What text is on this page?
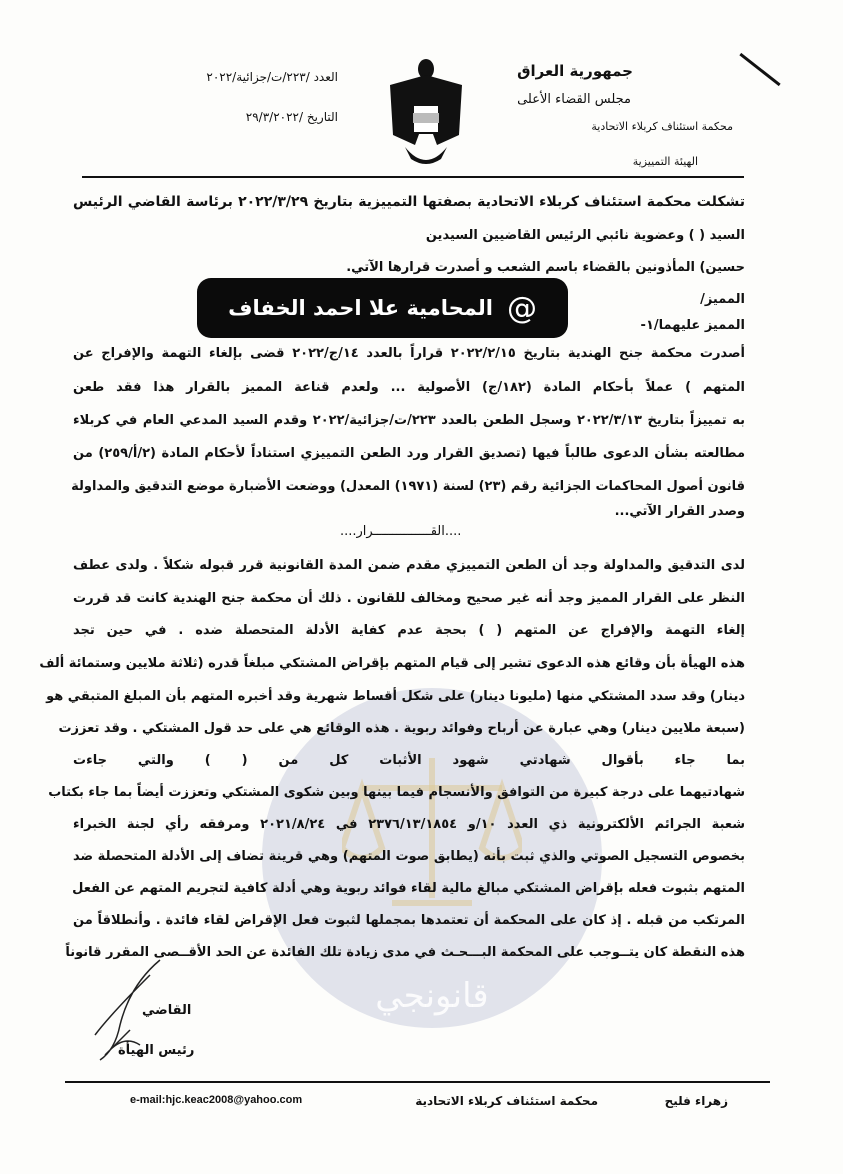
جمهورية العراق
مجلس القضاء الأعلى
محكمة استئناف كربلاء الاتحادية
الهيئة التمييزية
العدد /٢٢٣/ت/جزائية/٢٠٢٢
التاريخ /٢٩/٣/٢٠٢٢
قانونجي
تشكلت محكمة استئناف كربلاء الاتحادية بصفتها التمييزية بتاريخ ٢٠٢٢/٣/٢٩ برئاسة القاضي الرئيس
السيد ( ) وعضوية نائبي الرئيس القاضيين السيدين
حسين) المأذونين بالقضاء باسم الشعب و أصدرت قرارها الآتي.
المميز/
المميز عليهما/١-
@
المحامية علا احمد الخفاف
أصدرت محكمة جنح الهندية بتاريخ ٢٠٢٢/٢/١٥ قراراً بالعدد ١٤/ج/٢٠٢٢ قضى بإلغاء التهمة والإفراج عن
المتهم ) عملاً بأحكام المادة (١٨٢/ج) الأصولية ... ولعدم قناعة المميز بالقرار هذا فقد طعن
به تمييزاً بتاريخ ٢٠٢٢/٣/١٣ وسجل الطعن بالعدد ٢٢٣/ت/جزائية/٢٠٢٢ وقدم السيد المدعي العام في كربلاء
مطالعته بشأن الدعوى طالباً فيها (تصديق القرار ورد الطعن التمييزي استناداً لأحكام المادة (٢/أ/٢٥٩) من
قانون أصول المحاكمات الجزائية رقم (٢٣) لسنة (١٩٧١) المعدل) ووضعت الأضبارة موضع التدقيق والمداولة
وصدر القرار الآتي...
....القـــــــــــــــرار....
لدى التدقيق والمداولة وجد أن الطعن التمييزي مقدم ضمن المدة القانونية قرر قبوله شكلاً . ولدى عطف
النظر على القرار المميز وجد أنه غير صحيح ومخالف للقانون . ذلك أن محكمة جنح الهندية كانت قد قررت
إلغاء التهمة والإفراج عن المتهم ( ) بحجة عدم كفاية الأدلة المتحصلة ضده . في حين تجد
هذه الهيأة بأن وقائع هذه الدعوى تشير إلى قيام المتهم بإقراض المشتكي مبلغاً قدره (ثلاثة ملايين وستمائة ألف
دينار) وقد سدد المشتكي منها (مليونا دينار) على شكل أقساط شهرية وقد أخبره المتهم بأن المبلغ المتبقي هو
(سبعة ملايين دينار) وهي عبارة عن أرباح وفوائد ربوية . هذه الوقائع هي على حد قول المشتكي . وقد تعززت
بما جاء بأقوال شهادتي شهود الأثبات كل من ( ) والتي جاءت
شهادتيهما على درجة كبيرة من التوافق والأنسجام فيما بينها وبين شكوى المشتكي وتعززت أيضاً بما جاء بكتاب
شعبة الجرائم الألكترونية ذي العدد ١٠/و ٢٣٧٦/١٣/١٨٥٤ في ٢٠٢١/٨/٢٤ ومرفقه رأي لجنة الخبراء
بخصوص التسجيل الصوتي والذي ثبت بأنه (يطابق صوت المتهم) وهي قرينة تضاف إلى الأدلة المتحصلة ضد
المتهم بثبوت فعله بإقراض المشتكي مبالغ مالية لقاء فوائد ربوية وهي أدلة كافية لتجريم المتهم عن الفعل
المرتكب من قبله . إذ كان على المحكمة أن تعتمدها بمجملها لثبوت فعل الإقراض لقاء فائدة . وأنطلاقاً من
هذه النقطة كان يتــوجب على المحكمة البـــحـث في مدى زيادة تلك الفائدة عن الحد الأقــصى المقرر قانوناً
القاضي
رئيس الهيأة
زهراء فليح
محكمة استئناف كربلاء الاتحادية
e-mail:hjc.keac2008@yahoo.com
